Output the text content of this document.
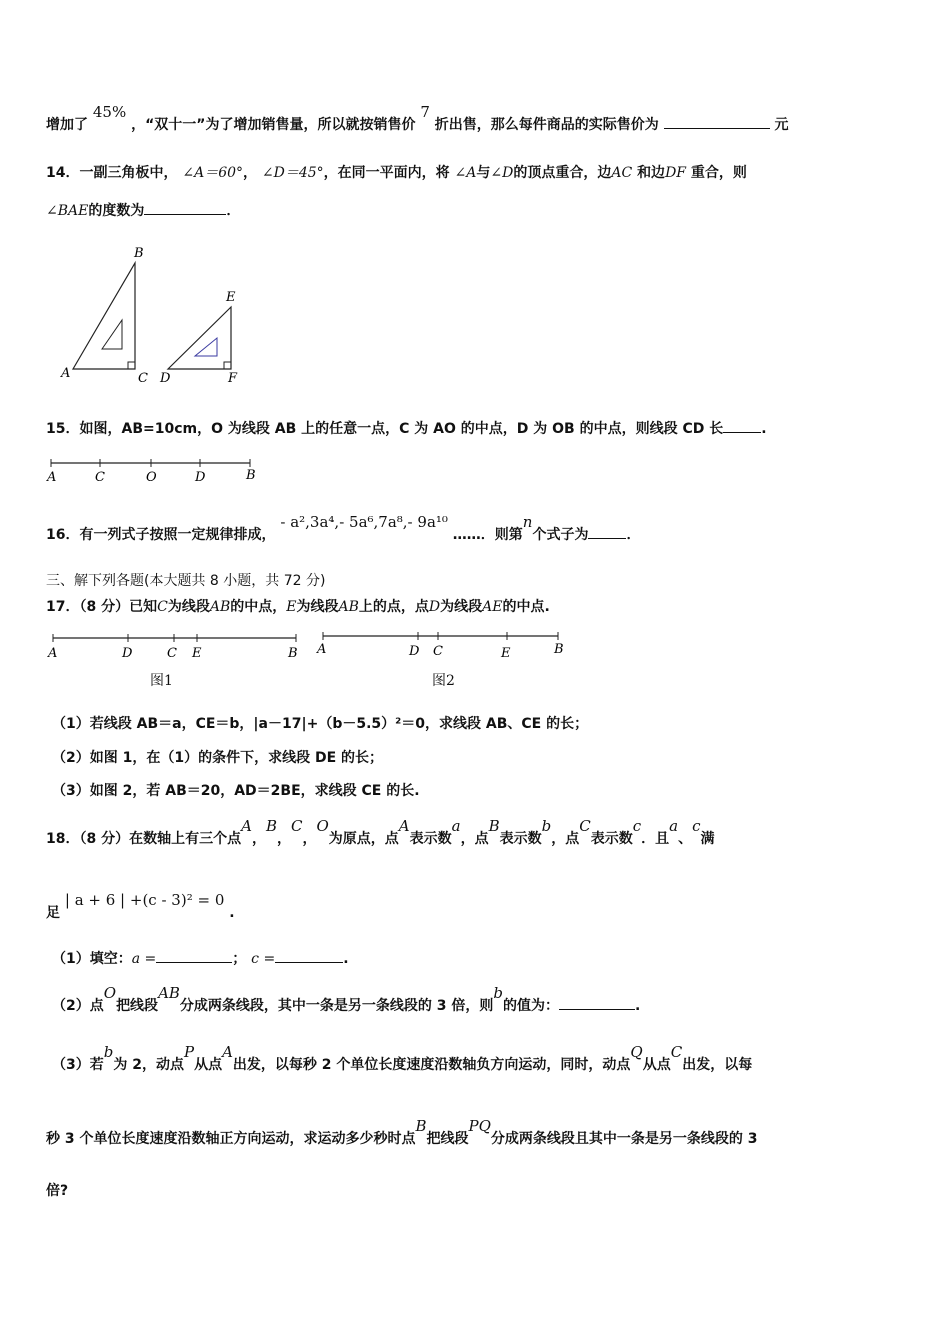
增加了 45% ，“双十一”为了增加销售量，所以就按销售价 7 折出售，那么每件商品的实际售价为	元
14．一副三角板中， ∠A＝60°， ∠D＝45°，在同一平面内，将 ∠A与∠D的顶点重合，边AC 和边DF 重合，则
∠BAE的度数为	．
A
B
C D
E
F
15．如图，AB=10cm，O 为线段 AB 上的任意一点，C 为 AO 的中点，D 为 OB 的中点，则线段 CD 长	.
A	C	O	D	B
16．有一列式子按照一定规律排成， - a²,3a⁴,- 5a⁶,7a⁸,- 9a¹⁰ ……．则第n个式子为	．
三、解下列各题(本大题共 8 小题，共 72 分)
17．（8 分）已知C为线段AB的中点，E为线段AB上的点，点D为线段AE的中点.
A	D	C E	B A	D C	E	B
图1	图2
（1）若线段 AB＝a，CE＝b，|a－17|+（b－5.5）²＝0，求线段 AB、CE 的长；
（2）如图 1，在（1）的条件下，求线段 DE 的长；
（3）如图 2，若 AB＝20，AD＝2BE，求线段 CE 的长.
18．（8 分）在数轴上有三个点A，B，C，O为原点，点A表示数a，点B表示数b，点C表示数c．且a、c满
足 | a + 6 | +(c - 3)² = 0 .
（1）填空：a =	； c =	.
（2）点O把线段AB分成两条线段，其中一条是另一条线段的 3 倍，则b的值为：	.
（3）若b为 2，动点P从点A出发，以每秒 2 个单位长度速度沿数轴负方向运动，同时，动点Q从点C出发，以每
秒 3 个单位长度速度沿数轴正方向运动，求运动多少秒时点B把线段PQ分成两条线段且其中一条是另一条线段的 3
倍?
